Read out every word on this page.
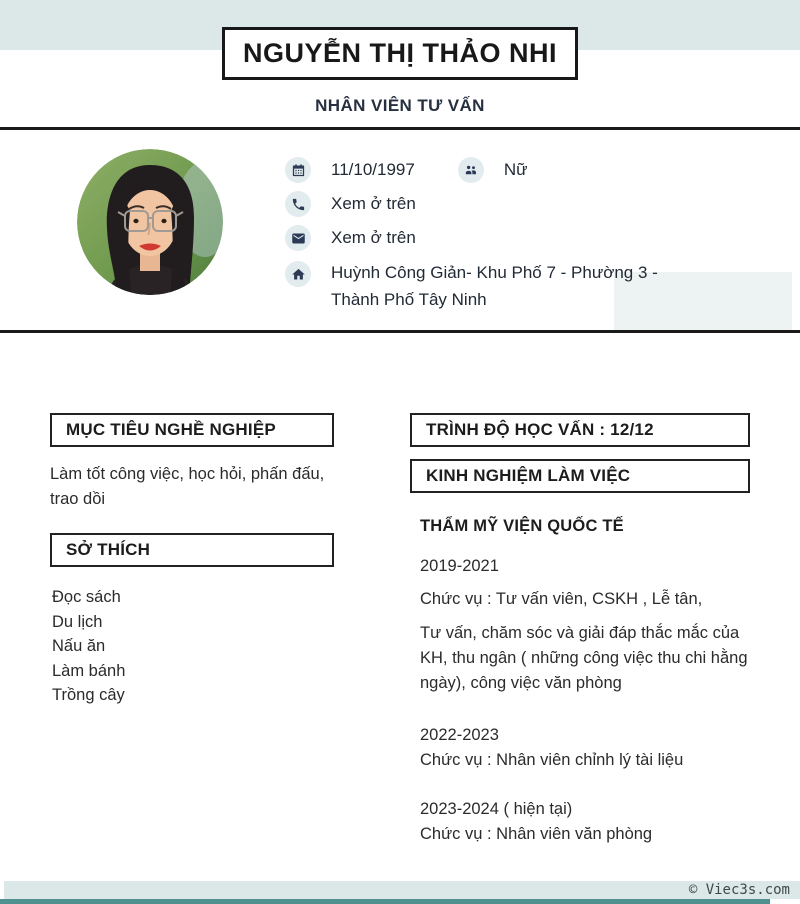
NGUYỄN THỊ THẢO NHI
NHÂN VIÊN TƯ VẤN
11/10/1997	Nữ
Xem ở trên
Xem ở trên
Huỳnh Công Giản- Khu Phố 7 - Phường 3 - Thành Phố Tây Ninh
MỤC TIÊU NGHỀ NGHIỆP
Làm tốt công việc, học hỏi, phấn đấu, trao dồi
SỞ THÍCH
Đọc sách
Du lịch
Nấu ăn
Làm bánh
Trồng cây
TRÌNH ĐỘ HỌC VẤN : 12/12
KINH NGHIỆM LÀM VIỆC
THẨM MỸ VIỆN QUỐC TẾ
2019-2021
Chức vụ : Tư vấn viên, CSKH , Lễ tân,
Tư vấn, chăm sóc và giải đáp thắc mắc của KH, thu ngân ( những công việc thu chi hằng ngày), công việc văn phòng
2022-2023
Chức vụ : Nhân viên chỉnh lý tài liệu
2023-2024 ( hiện tại)
Chức vụ : Nhân viên văn phòng
© Viec3s.com
